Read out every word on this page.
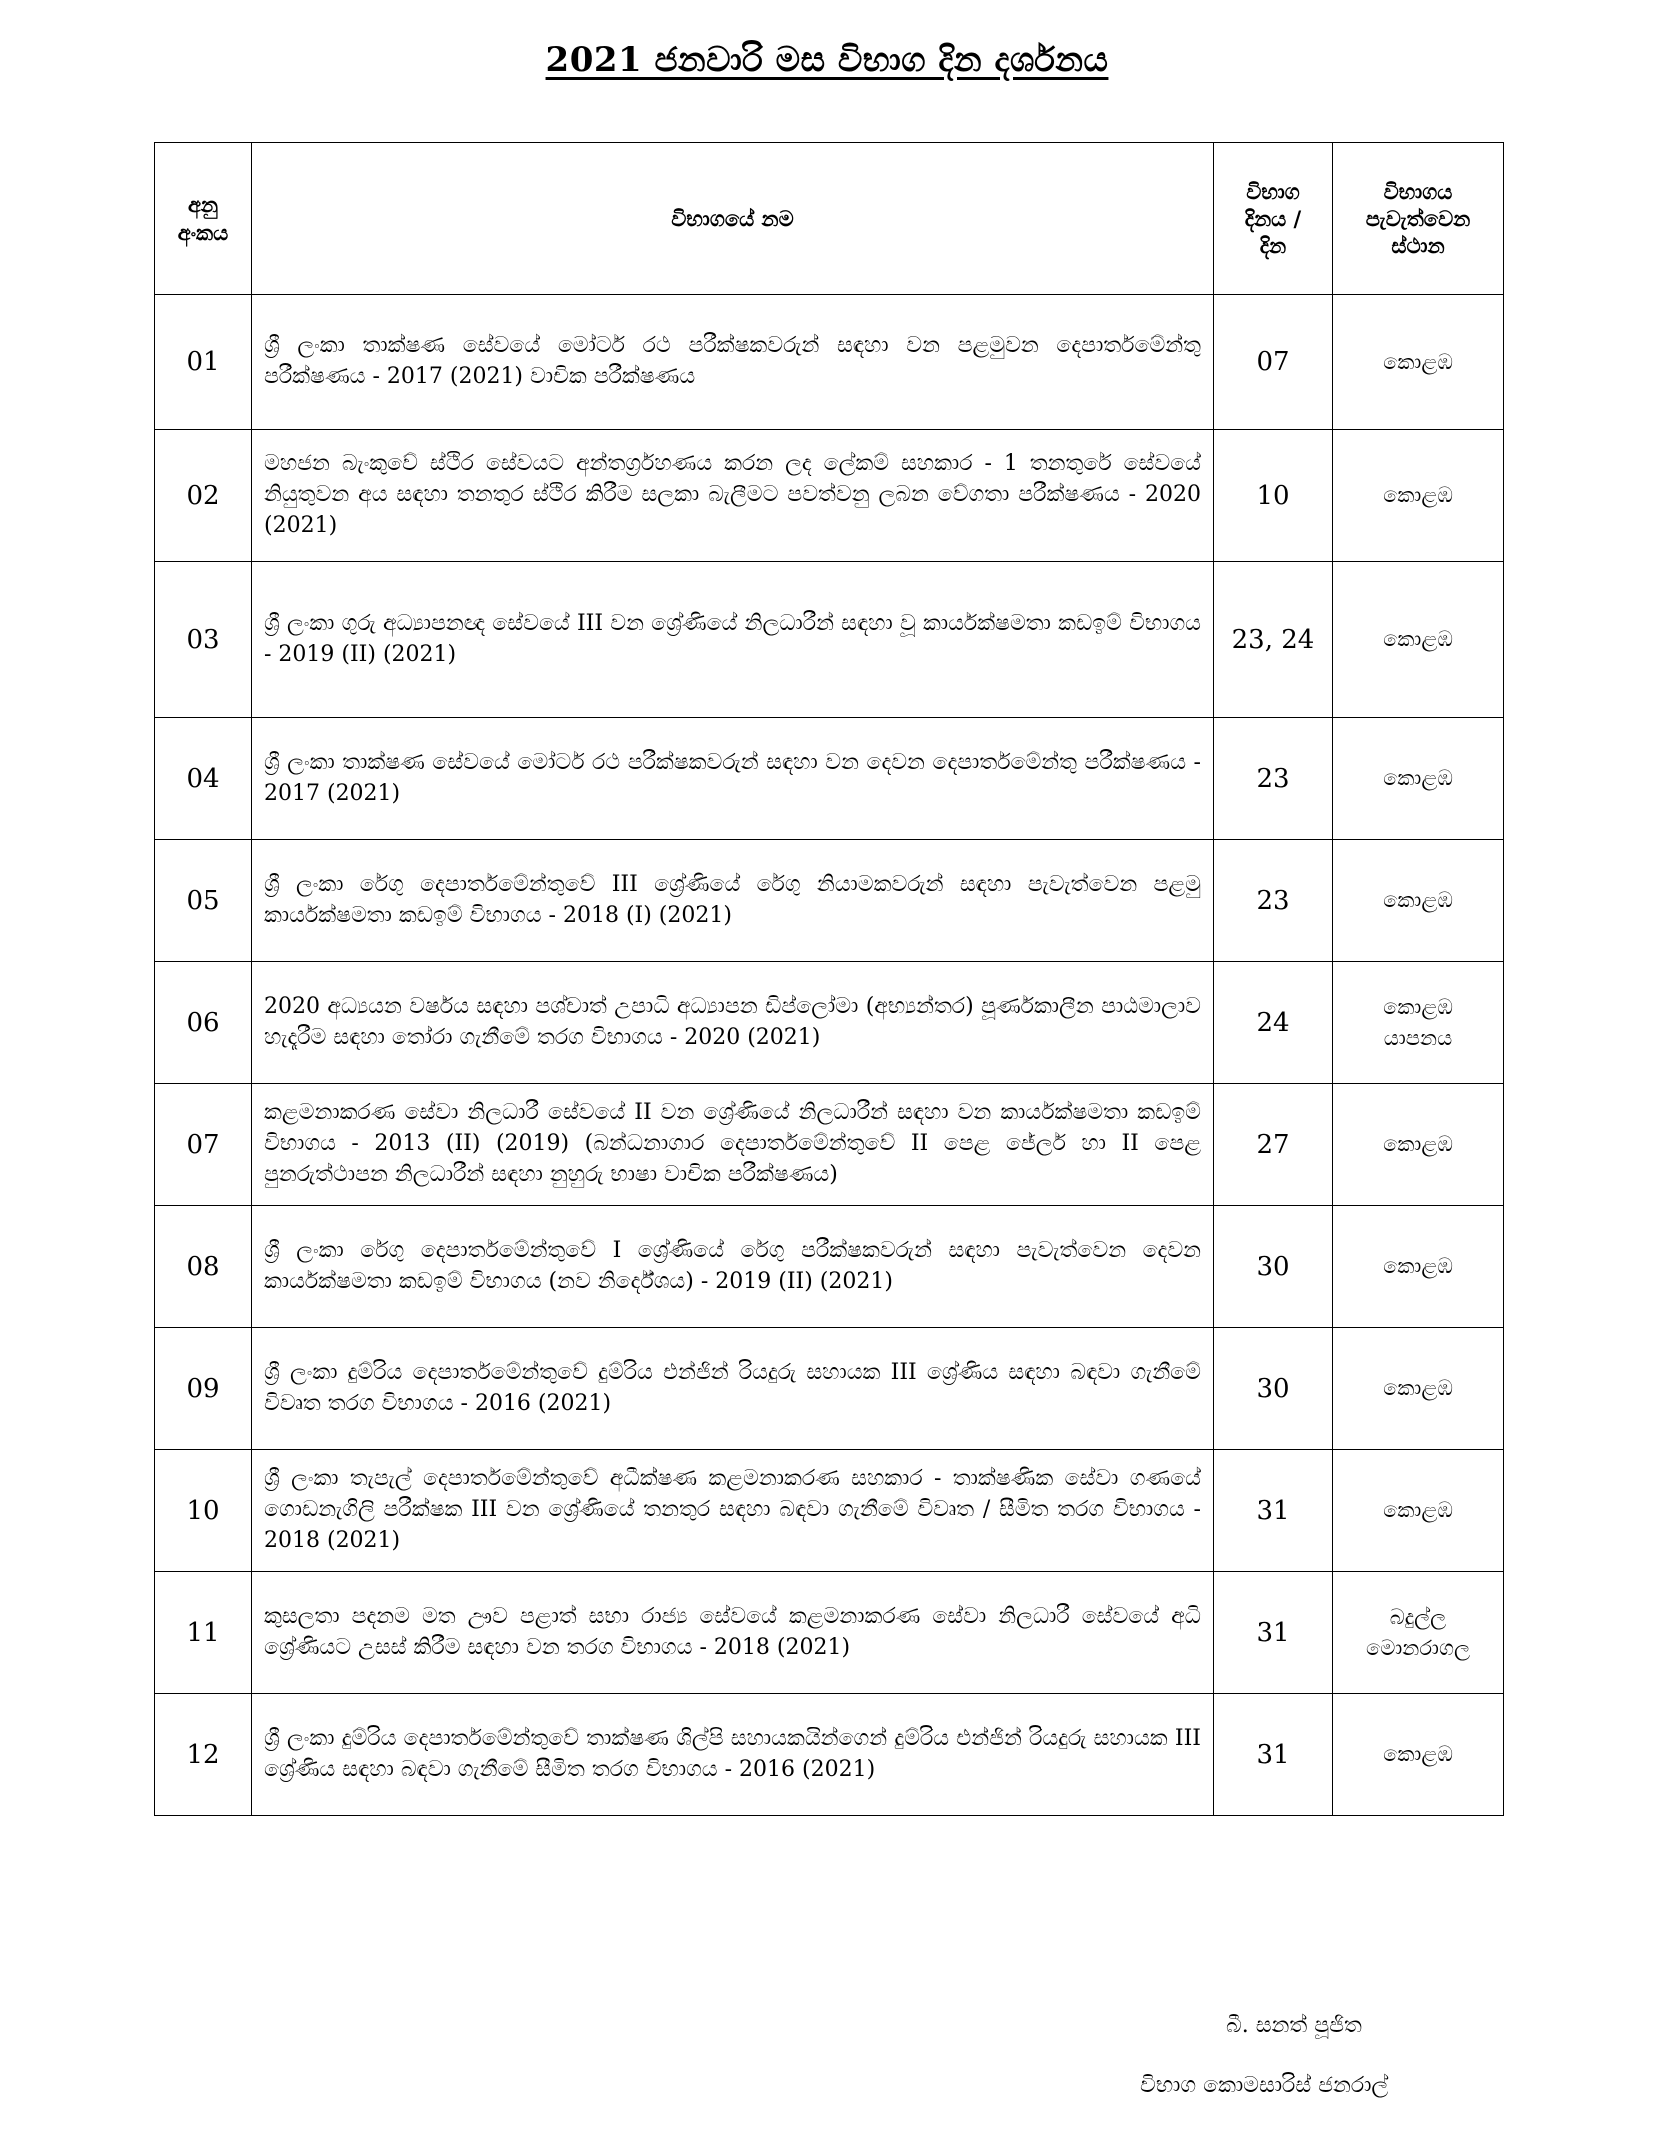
2021 ජනවාරි මස විභාග දින දර්ශනය
අනු අංකය	විභාගයේ නම	විභාග දිනය / දින	විභාගය පැවැත්වෙන ස්ථාන
01	ශ්‍රී ලංකා තාක්ෂණ සේවයේ මෝටර් රථ පරීක්ෂකවරුන් සඳහා වන පළමුවන දෙපාර්තමේන්තු පරීක්ෂණය - 2017 (2021) වාචික පරීක්ෂණය	07	කොළඹ

02	මහජන බැංකුවේ ස්ථිර සේවයට අන්තර්ග්‍රහණය කරන ලද ලේකම් සහකාර - 1 තනතුරේ සේවයේ නියුතුවන අය සඳහා තනතුර ස්ථිර කිරීම සලකා බැලීමට පවත්වනු ලබන වේගතා පරීක්ෂණය - 2020 (2021)	10	කොළඹ

03	ශ්‍රී ලංකා ගුරු අධ්‍යාපනඥ සේවයේ III වන ශ්‍රේණියේ නිලධාරීන් සඳහා වූ කාර්යක්ෂමතා කඩඉම් විභාගය - 2019 (II) (2021)	23, 24	කොළඹ

04	ශ්‍රී ලංකා තාක්ෂණ සේවයේ මෝටර් රථ පරීක්ෂකවරුන් සඳහා වන දෙවන දෙපාර්තමේන්තු පරීක්ෂණය - 2017 (2021)	23	කොළඹ

05	ශ්‍රී ලංකා රේගු දෙපාර්තමේන්තුවේ III ශ්‍රේණියේ රේගු නියාමකවරුන් සඳහා පැවැත්වෙන පළමු කාර්යක්ෂමතා කඩඉම් විභාගය - 2018 (I) (2021)	23	කොළඹ

06	2020 අධ්‍යයන වර්ෂය සඳහා පශ්චාත් උපාධි අධ්‍යාපන ඩිප්ලෝමා (අභ්‍යන්තර) පූර්ණකාලීන පාඨමාලාව හැදෑරීම සඳහා තෝරා ගැනීමේ තරග විභාගය - 2020 (2021)	24	කොළඹ
යාපනය

07	කළමනාකරණ සේවා නිලධාරී සේවයේ II වන ශ්‍රේණියේ නිලධාරීන් සඳහා වන කාර්යක්ෂමතා කඩඉම් විභාගය - 2013 (II) (2019) (බන්ධනාගාර දෙපාර්තමේන්තුවේ II පෙළ ජේලර් හා II පෙළ පුනරුත්ථාපන නිලධාරීන් සඳහා නුහුරු භාෂා වාචික පරීක්ෂණය)	27	කොළඹ

08	ශ්‍රී ලංකා රේගු දෙපාර්තමේන්තුවේ I ශ්‍රේණියේ රේගු පරීක්ෂකවරුන් සඳහා පැවැත්වෙන දෙවන කාර්යක්ෂමතා කඩඉම් විභාගය (නව නිර්දේශය) - 2019 (II) (2021)	30	කොළඹ

09	ශ්‍රී ලංකා දුම්රිය දෙපාර්තමේන්තුවේ දුම්රිය එන්ජින් රියදුරු සහායක III ශ්‍රේණිය සඳහා බඳවා ගැනීමේ විවෘත තරග විභාගය - 2016 (2021)	30	කොළඹ

10	ශ්‍රී ලංකා තැපැල් දෙපාර්තමේන්තුවේ අධීක්ෂණ කළමනාකරණ සහකාර - තාක්ෂණික සේවා ගණයේ ගොඩනැගිලි පරීක්ෂක III වන ශ්‍රේණියේ තනතුර සඳහා බඳවා ගැනීමේ විවෘත / සීමිත තරග විභාගය - 2018 (2021)	31	කොළඹ

11	කුසලතා පදනම මත ඌව පළාත් සභා රාජ්‍ය සේවයේ කළමනාකරණ සේවා නිලධාරී සේවයේ අධි ශ්‍රේණියට උසස් කිරීම සඳහා වන තරග විභාගය - 2018 (2021)	31	බදුල්ල
මොනරාගල

12	ශ්‍රී ලංකා දුම්රිය දෙපාර්තමේන්තුවේ තාක්ෂණ ශිල්පි සහායකයින්ගෙන් දුම්රිය එන්ජින් රියදුරු සහායක III ශ්‍රේණිය සඳහා බඳවා ගැනීමේ සීමිත තරග විභාගය - 2016 (2021)	31	කොළඹ
බී. සනත් පූජිත
විභාග කොමසාරිස් ජනරාල්
